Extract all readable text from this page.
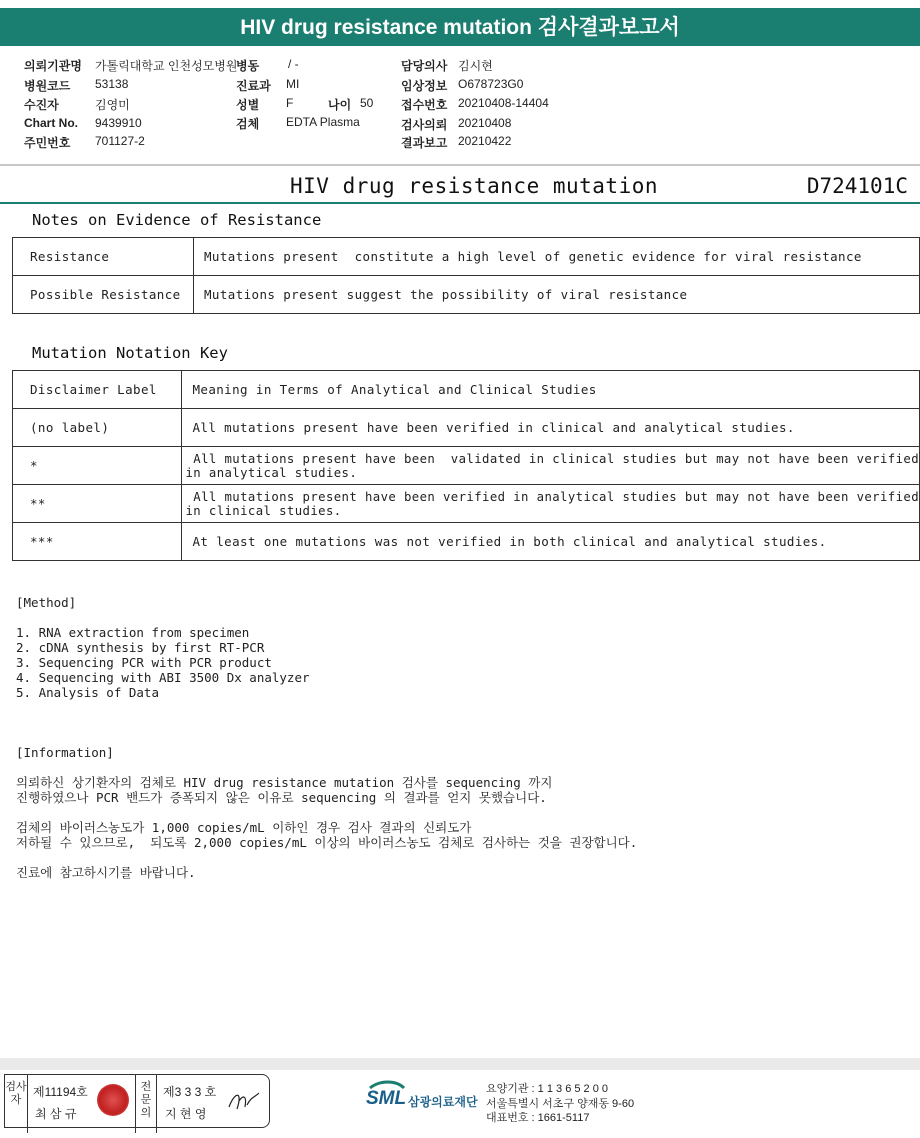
HIV drug resistance mutation 검사결과보고서
의뢰기관명 가톨릭대학교 인천성모병원
병원코드 53138
수진자	김영미
Chart No. 9439910
주민번호 701127-2
병동 / -
진료과 MI
성별 F	나이 50
검체 EDTA Plasma
담당의사 김시현
임상정보 O678723G0
접수번호 20210408-14404
검사의뢰 20210408
결과보고 20210422
HIV drug resistance mutation	D724101C
Notes on Evidence of Resistance
Resistance	Mutations present  constitute a high level of genetic evidence for viral resistance
Possible Resistance	Mutations present suggest the possibility of viral resistance
Mutation Notation Key
Disclaimer Label	Meaning in Terms of Analytical and Clinical Studies
(no label)	All mutations present have been verified in clinical and analytical studies.
*	All mutations present have been  validated in clinical studies but may not have been verified
in analytical studies.
**	All mutations present have been verified in analytical studies but may not have been verified
in clinical studies.
***	At least one mutations was not verified in both clinical and analytical studies.
[Method]
1. RNA extraction from specimen
2. cDNA synthesis by first RT-PCR
3. Sequencing PCR with PCR product
4. Sequencing with ABI 3500 Dx analyzer
5. Analysis of Data
[Information]
의뢰하신 상기환자의 검체로 HIV drug resistance mutation 검사를 sequencing 까지
진행하였으나 PCR 밴드가 증폭되지 않은 이유로 sequencing 의 결과를 얻지 못했습니다.
검체의 바이러스농도가 1,000 copies/mL 이하인 경우 검사 결과의 신뢰도가
저하될 수 있으므로,  되도록 2,000 copies/mL 이상의 바이러스농도 검체로 검사하는 것을 권장합니다.
진료에 참고하시기를 바랍니다.
검사자
제11194호
최 삼 규
전문의
제3 3 3 호
지 현 영
SML 삼광의료재단
요양기관 : 1 1 3 6 5 2 0 0
서울특별시 서초구 양재동 9-60
대표번호 : 1661-5117
